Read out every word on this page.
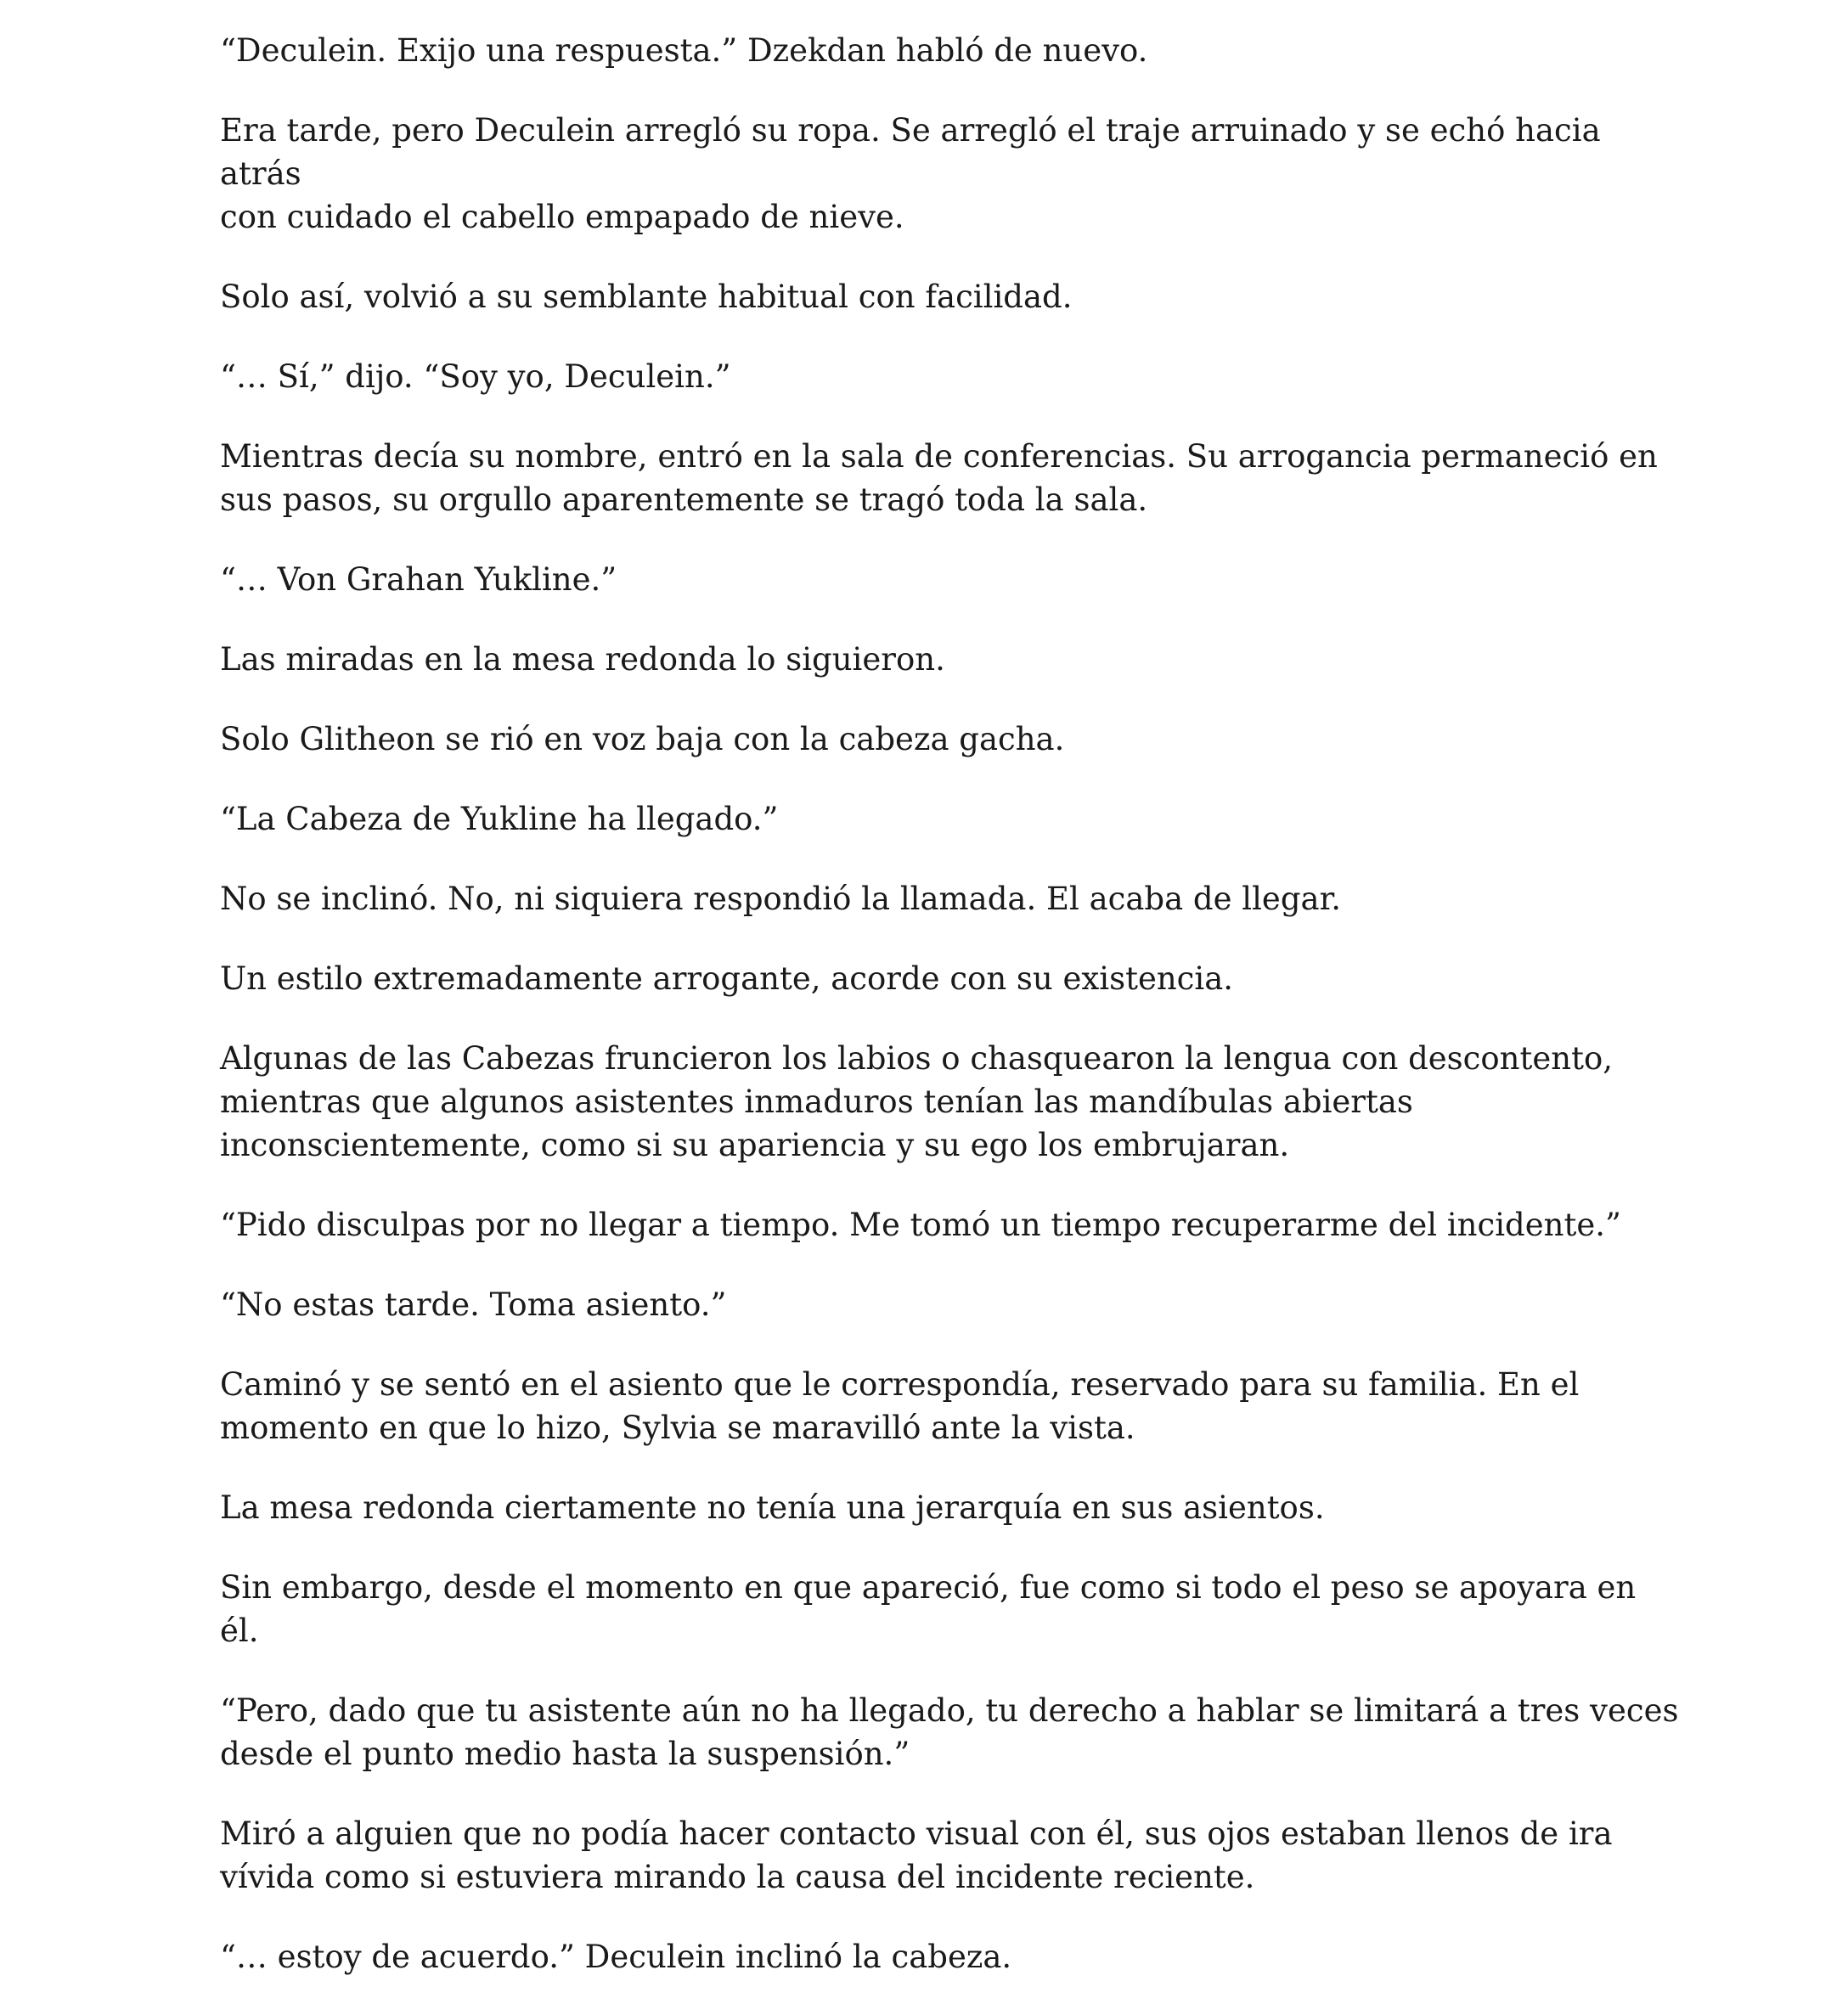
“Deculein. Exijo una respuesta.” Dzekdan habló de nuevo.

Era tarde, pero Deculein arregló su ropa. Se arregló el traje arruinado y se echó hacia atrás
con cuidado el cabello empapado de nieve.

Solo así, volvió a su semblante habitual con facilidad.

“… Sí,” dijo. “Soy yo, Deculein.”

Mientras decía su nombre, entró en la sala de conferencias. Su arrogancia permaneció en
sus pasos, su orgullo aparentemente se tragó toda la sala.

“… Von Grahan Yukline.”

Las miradas en la mesa redonda lo siguieron.

Solo Glitheon se rió en voz baja con la cabeza gacha.

“La Cabeza de Yukline ha llegado.”

No se inclinó. No, ni siquiera respondió la llamada. El acaba de llegar.

Un estilo extremadamente arrogante, acorde con su existencia.

Algunas de las Cabezas fruncieron los labios o chasquearon la lengua con descontento,
mientras que algunos asistentes inmaduros tenían las mandíbulas abiertas
inconscientemente, como si su apariencia y su ego los embrujaran.

“Pido disculpas por no llegar a tiempo. Me tomó un tiempo recuperarme del incidente.”

“No estas tarde. Toma asiento.”

Caminó y se sentó en el asiento que le correspondía, reservado para su familia. En el
momento en que lo hizo, Sylvia se maravilló ante la vista.

La mesa redonda ciertamente no tenía una jerarquía en sus asientos.

Sin embargo, desde el momento en que apareció, fue como si todo el peso se apoyara en él.

“Pero, dado que tu asistente aún no ha llegado, tu derecho a hablar se limitará a tres veces
desde el punto medio hasta la suspensión.”

Miró a alguien que no podía hacer contacto visual con él, sus ojos estaban llenos de ira
vívida como si estuviera mirando la causa del incidente reciente.

“… estoy de acuerdo.” Deculein inclinó la cabeza.
